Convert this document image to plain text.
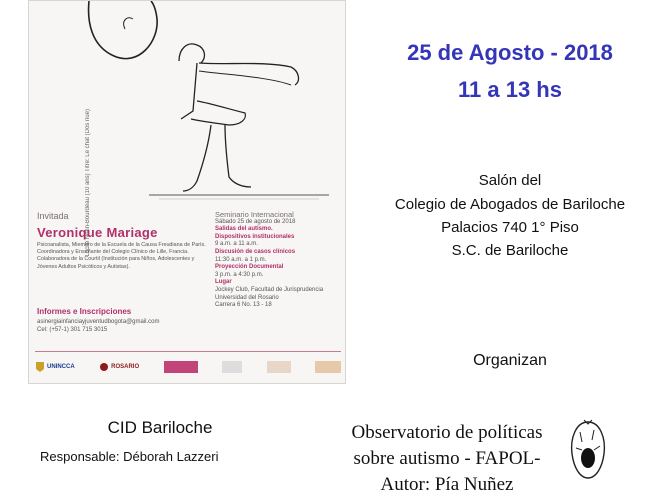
Lucile Notin-Bourdeau (10 ans) Titre: Le chat (Dos nue)
Invitada
Veronique Mariage
Psicoanalista, Miembro de la Escuela de la Causa Freudiana de París. Coordinadora y Enseñante del Colegio Clínico de Lille, Francia. Colaboradora de la Courtil (Institución para Niños, Adolescentes y Jóvenes Adultos Psicóticos y Autistas).
Informes e Inscripciones
asinergiainfanciayjuventudbogota@gmail.com
Cel: (+57-1) 301 715 3015
Seminario Internacional
Sábado 25 de agosto de 2018
Salidas del autismo.
Dispositivos institucionales
9 a.m. a 11 a.m.
Discusión de casos clínicos
11:30 a.m. a 1 p.m.
Proyección Documental
3 p.m. a 4:30 p.m.
Lugar
Jockey Club, Facultad de Jurisprudencia
Universidad del Rosario
Carrera 6 No. 13 - 18
UNINCCA	ROSARIO
25 de Agosto - 2018
11 a 13 hs
Salón del
Colegio de Abogados de Bariloche
Palacios 740 1° Piso
S.C. de Bariloche
Organizan
CID Bariloche
Responsable: Déborah Lazzeri
Observatorio de políticas
sobre autismo - FAPOL-
Autor: Pía Nuñez
